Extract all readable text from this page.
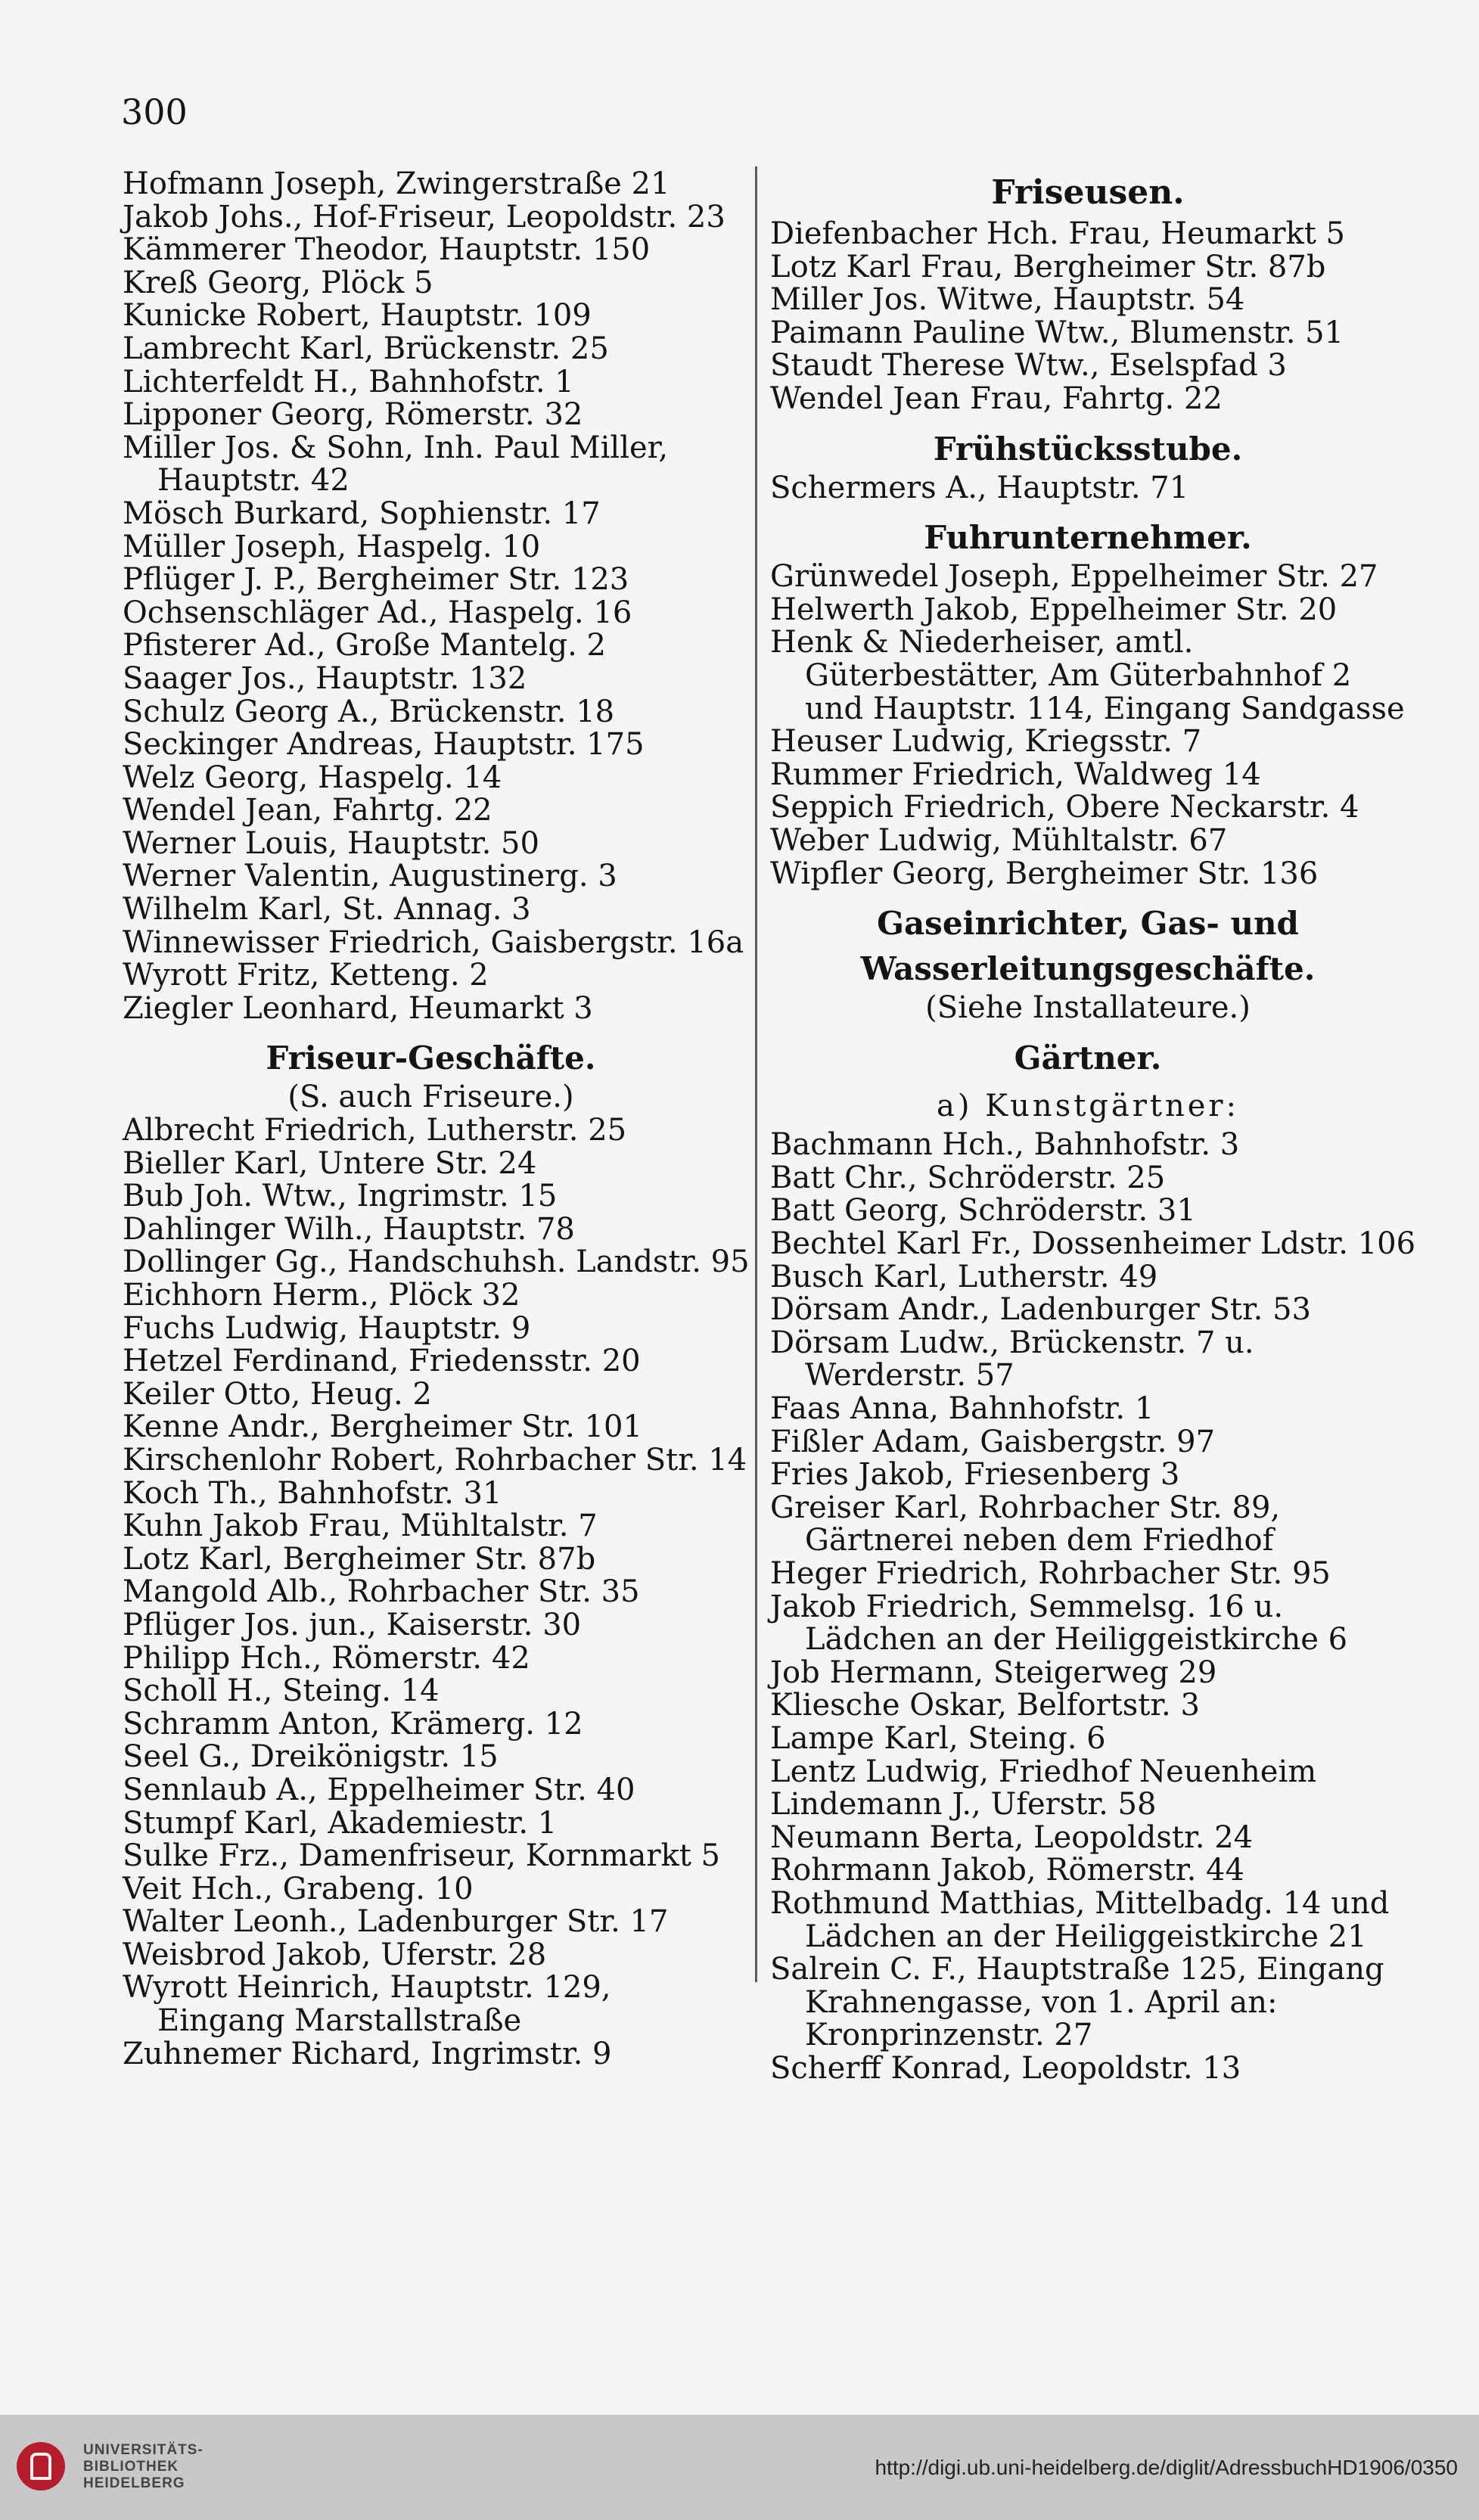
300
Hofmann Joseph, Zwingerstraße 21
Jakob Johs., Hof-Friseur, Leopoldstr. 23
Kämmerer Theodor, Hauptstr. 150
Kreß Georg, Plöck 5
Kunicke Robert, Hauptstr. 109
Lambrecht Karl, Brückenstr. 25
Lichterfeldt H., Bahnhofstr. 1
Lipponer Georg, Römerstr. 32
Miller Jos. & Sohn, Inh. Paul Miller, Hauptstr. 42
Mösch Burkard, Sophienstr. 17
Müller Joseph, Haspelg. 10
Pflüger J. P., Bergheimer Str. 123
Ochsenschläger Ad., Haspelg. 16
Pfisterer Ad., Große Mantelg. 2
Saager Jos., Hauptstr. 132
Schulz Georg A., Brückenstr. 18
Seckinger Andreas, Hauptstr. 175
Welz Georg, Haspelg. 14
Wendel Jean, Fahrtg. 22
Werner Louis, Hauptstr. 50
Werner Valentin, Augustinerg. 3
Wilhelm Karl, St. Annag. 3
Winnewisser Friedrich, Gaisbergstr. 16a
Wyrott Fritz, Ketteng. 2
Ziegler Leonhard, Heumarkt 3
Friseur-Geschäfte.
(S. auch Friseure.)
Albrecht Friedrich, Lutherstr. 25
Bieller Karl, Untere Str. 24
Bub Joh. Wtw., Ingrimstr. 15
Dahlinger Wilh., Hauptstr. 78
Dollinger Gg., Handschuhsh. Landstr. 95
Eichhorn Herm., Plöck 32
Fuchs Ludwig, Hauptstr. 9
Hetzel Ferdinand, Friedensstr. 20
Keiler Otto, Heug. 2
Kenne Andr., Bergheimer Str. 101
Kirschenlohr Robert, Rohrbacher Str. 14
Koch Th., Bahnhofstr. 31
Kuhn Jakob Frau, Mühltalstr. 7
Lotz Karl, Bergheimer Str. 87b
Mangold Alb., Rohrbacher Str. 35
Pflüger Jos. jun., Kaiserstr. 30
Philipp Hch., Römerstr. 42
Scholl H., Steing. 14
Schramm Anton, Krämerg. 12
Seel G., Dreikönigstr. 15
Sennlaub A., Eppelheimer Str. 40
Stumpf Karl, Akademiestr. 1
Sulke Frz., Damenfriseur, Kornmarkt 5
Veit Hch., Grabeng. 10
Walter Leonh., Ladenburger Str. 17
Weisbrod Jakob, Uferstr. 28
Wyrott Heinrich, Hauptstr. 129, Eingang Marstallstraße
Zuhnemer Richard, Ingrimstr. 9
Friseusen.
Diefenbacher Hch. Frau, Heumarkt 5
Lotz Karl Frau, Bergheimer Str. 87b
Miller Jos. Witwe, Hauptstr. 54
Paimann Pauline Wtw., Blumenstr. 51
Staudt Therese Wtw., Eselspfad 3
Wendel Jean Frau, Fahrtg. 22
Frühstücksstube.
Schermers A., Hauptstr. 71
Fuhrunternehmer.
Grünwedel Joseph, Eppelheimer Str. 27
Helwerth Jakob, Eppelheimer Str. 20
Henk & Niederheiser, amtl. Güterbestätter, Am Güterbahnhof 2 und Hauptstr. 114, Eingang Sandgasse
Heuser Ludwig, Kriegsstr. 7
Rummer Friedrich, Waldweg 14
Seppich Friedrich, Obere Neckarstr. 4
Weber Ludwig, Mühltalstr. 67
Wipfler Georg, Bergheimer Str. 136
Gaseinrichter, Gas- und Wasserleitungsgeschäfte.
(Siehe Installateure.)
Gärtner.
a) Kunstgärtner:
Bachmann Hch., Bahnhofstr. 3
Batt Chr., Schröderstr. 25
Batt Georg, Schröderstr. 31
Bechtel Karl Fr., Dossenheimer Ldstr. 106
Busch Karl, Lutherstr. 49
Dörsam Andr., Ladenburger Str. 53
Dörsam Ludw., Brückenstr. 7 u. Werderstr. 57
Faas Anna, Bahnhofstr. 1
Fißler Adam, Gaisbergstr. 97
Fries Jakob, Friesenberg 3
Greiser Karl, Rohrbacher Str. 89, Gärtnerei neben dem Friedhof
Heger Friedrich, Rohrbacher Str. 95
Jakob Friedrich, Semmelsg. 16 u. Lädchen an der Heiliggeistkirche 6
Job Hermann, Steigerweg 29
Kliesche Oskar, Belfortstr. 3
Lampe Karl, Steing. 6
Lentz Ludwig, Friedhof Neuenheim
Lindemann J., Uferstr. 58
Neumann Berta, Leopoldstr. 24
Rohrmann Jakob, Römerstr. 44
Rothmund Matthias, Mittelbadg. 14 und Lädchen an der Heiliggeistkirche 21
Salrein C. F., Hauptstraße 125, Eingang Krahnengasse, von 1. April an: Kronprinzenstr. 27
Scherff Konrad, Leopoldstr. 13
UNIVERSITÄTS-
BIBLIOTHEK
HEIDELBERG
http://digi.ub.uni-heidelberg.de/diglit/AdressbuchHD1906/0350
